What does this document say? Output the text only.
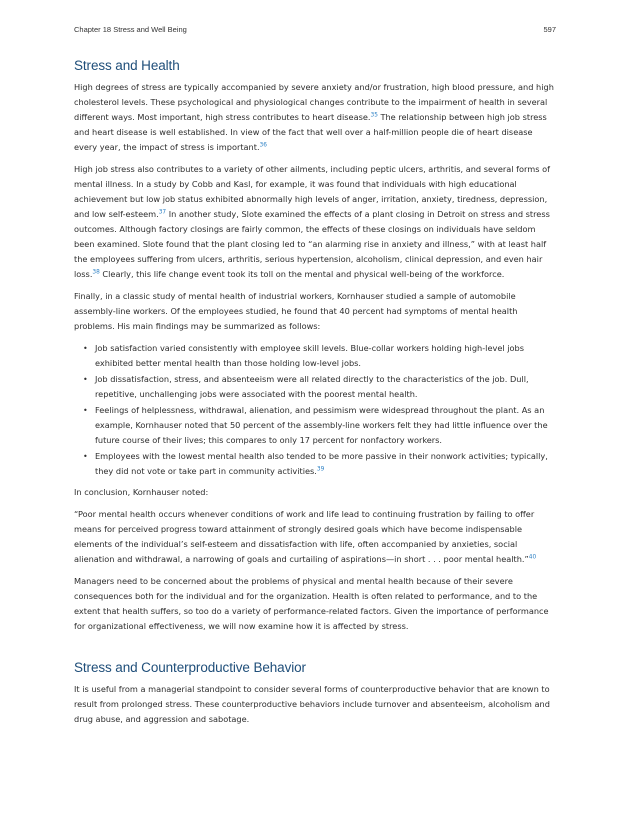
Chapter 18 Stress and Well Being	597
Stress and Health

High degrees of stress are typically accompanied by severe anxiety and/or frustration, high blood pressure, and high cholesterol levels. These psychological and physiological changes contribute to the impairment of health in several different ways. Most important, high stress contributes to heart disease.$^{35}$ The relationship between high job stress and heart disease is well established. In view of the fact that well over a half-million people die of heart disease every year, the impact of stress is important.$^{36}$

High job stress also contributes to a variety of other ailments, including peptic ulcers, arthritis, and several forms of mental illness. In a study by Cobb and Kasl, for example, it was found that individuals with high educational achievement but low job status exhibited abnormally high levels of anger, irritation, anxiety, tiredness, depression, and low self-esteem.$^{37}$ In another study, Slote examined the effects of a plant closing in Detroit on stress and stress outcomes. Although factory closings are fairly common, the effects of these closings on individuals have seldom been examined. Slote found that the plant closing led to “an alarming rise in anxiety and illness,” with at least half the employees suffering from ulcers, arthritis, serious hypertension, alcoholism, clinical depression, and even hair loss.$^{38}$ Clearly, this life change event took its toll on the mental and physical well-being of the workforce.

Finally, in a classic study of mental health of industrial workers, Kornhauser studied a sample of automobile assembly-line workers. Of the employees studied, he found that 40 percent had symptoms of mental health problems. His main findings may be summarized as follows:

• Job satisfaction varied consistently with employee skill levels. Blue-collar workers holding high-level jobs exhibited better mental health than those holding low-level jobs.
• Job dissatisfaction, stress, and absenteeism were all related directly to the characteristics of the job. Dull, repetitive, unchallenging jobs were associated with the poorest mental health.
• Feelings of helplessness, withdrawal, alienation, and pessimism were widespread throughout the plant. As an example, Kornhauser noted that 50 percent of the assembly-line workers felt they had little influence over the future course of their lives; this compares to only 17 percent for nonfactory workers.
• Employees with the lowest mental health also tended to be more passive in their nonwork activities; typically, they did not vote or take part in community activities.$^{39}$

In conclusion, Kornhauser noted:

“Poor mental health occurs whenever conditions of work and life lead to continuing frustration by failing to offer means for perceived progress toward attainment of strongly desired goals which have become indispensable elements of the individual’s self-esteem and dissatisfaction with life, often accompanied by anxieties, social alienation and withdrawal, a narrowing of goals and curtailing of aspirations—in short . . . poor mental health.”$^{40}$

Managers need to be concerned about the problems of physical and mental health because of their severe consequences both for the individual and for the organization. Health is often related to performance, and to the extent that health suffers, so too do a variety of performance-related factors. Given the importance of performance for organizational effectiveness, we will now examine how it is affected by stress.

Stress and Counterproductive Behavior

It is useful from a managerial standpoint to consider several forms of counterproductive behavior that are known to result from prolonged stress. These counterproductive behaviors include turnover and absenteeism, alcoholism and drug abuse, and aggression and sabotage.
